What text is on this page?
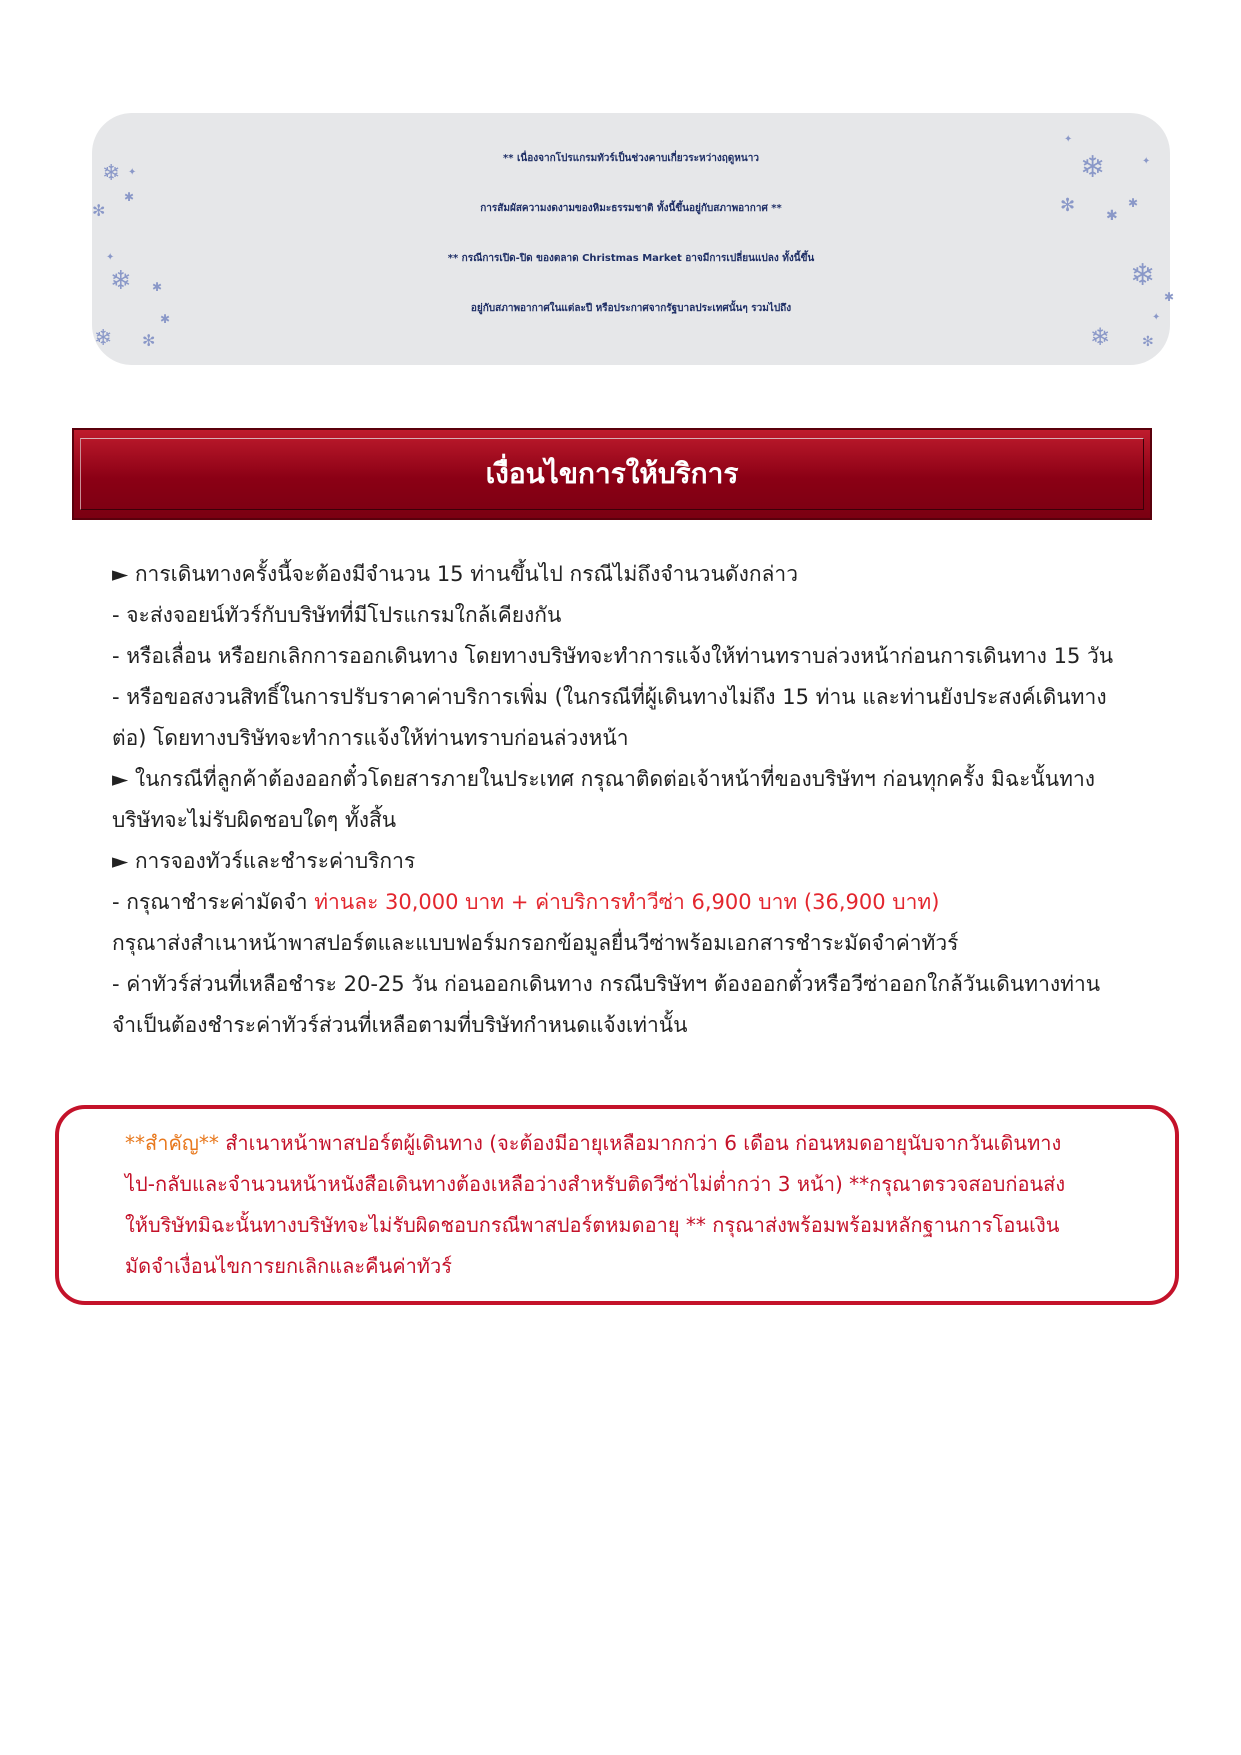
❄
✻
✱
✦
❄
❄ ✻
✱
✱
✦
❄
✦
✦
✻	✱
✱
❄
✱
❄ ✻
✦
** เนื่องจากโปรแกรมทัวร์เป็นช่วงคาบเกี่ยวระหว่างฤดูหนาว
การสัมผัสความงดงามของหิมะธรรมชาติ ทั้งนี้ขึ้นอยู่กับสภาพอากาศ **
** กรณีการเปิด-ปิด ของตลาด Christmas Market อาจมีการเปลี่ยนแปลง ทั้งนี้ขึ้น
อยู่กับสภาพอากาศในแต่ละปี หรือประกาศจากรัฐบาลประเทศนั้นๆ รวมไปถึง
เงื่อนไขการให้บริการ
► การเดินทางครั้งนี้จะต้องมีจำนวน 15 ท่านขึ้นไป กรณีไม่ถึงจำนวนดังกล่าว
- จะส่งจอยน์ทัวร์กับบริษัทที่มีโปรแกรมใกล้เคียงกัน
- หรือเลื่อน หรือยกเลิกการออกเดินทาง โดยทางบริษัทจะทำการแจ้งให้ท่านทราบล่วงหน้าก่อนการเดินทาง 15 วัน
- หรือขอสงวนสิทธิ์ในการปรับราคาค่าบริการเพิ่ม (ในกรณีที่ผู้เดินทางไม่ถึง 15 ท่าน และท่านยังประสงค์เดินทาง
ต่อ) โดยทางบริษัทจะทำการแจ้งให้ท่านทราบก่อนล่วงหน้า
► ในกรณีที่ลูกค้าต้องออกตั๋วโดยสารภายในประเทศ กรุณาติดต่อเจ้าหน้าที่ของบริษัทฯ ก่อนทุกครั้ง มิฉะนั้นทาง
บริษัทจะไม่รับผิดชอบใดๆ ทั้งสิ้น
► การจองทัวร์และชำระค่าบริการ
- กรุณาชำระค่ามัดจำ ท่านละ 30,000 บาท + ค่าบริการทำวีซ่า 6,900 บาท (36,900 บาท)
กรุณาส่งสำเนาหน้าพาสปอร์ตและแบบฟอร์มกรอกข้อมูลยื่นวีซ่าพร้อมเอกสารชำระมัดจำค่าทัวร์
- ค่าทัวร์ส่วนที่เหลือชำระ 20-25 วัน ก่อนออกเดินทาง กรณีบริษัทฯ ต้องออกตั๋วหรือวีซ่าออกใกล้วันเดินทางท่าน
จำเป็นต้องชำระค่าทัวร์ส่วนที่เหลือตามที่บริษัทกำหนดแจ้งเท่านั้น
**สำคัญ** สำเนาหน้าพาสปอร์ตผู้เดินทาง (จะต้องมีอายุเหลือมากกว่า 6 เดือน ก่อนหมดอายุนับจากวันเดินทาง
ไป-กลับและจำนวนหน้าหนังสือเดินทางต้องเหลือว่างสำหรับติดวีซ่าไม่ต่ำกว่า 3 หน้า) **กรุณาตรวจสอบก่อนส่ง
ให้บริษัทมิฉะนั้นทางบริษัทจะไม่รับผิดชอบกรณีพาสปอร์ตหมดอายุ ** กรุณาส่งพร้อมพร้อมหลักฐานการโอนเงิน
มัดจำเงื่อนไขการยกเลิกและคืนค่าทัวร์
